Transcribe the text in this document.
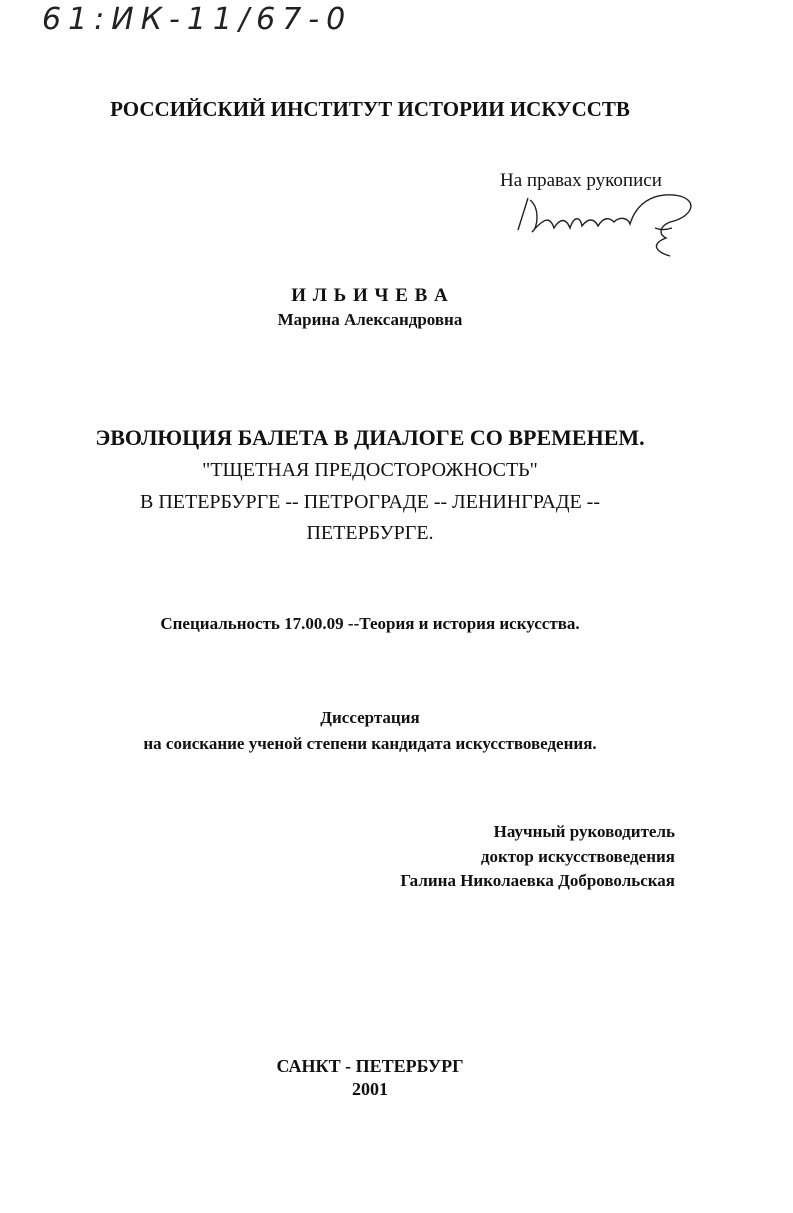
61:ИК-11/67-0
РОССИЙСКИЙ ИНСТИТУТ ИСТОРИИ ИСКУССТВ
На правах рукописи
И Л Ь И Ч Е В А
Марина Александровна
ЭВОЛЮЦИЯ БАЛЕТА В ДИАЛОГЕ СО ВРЕМЕНЕМ.
"ТЩЕТНАЯ ПРЕДОСТОРОЖНОСТЬ"
В ПЕТЕРБУРГЕ -- ПЕТРОГРАДЕ -- ЛЕНИНГРАДЕ --
ПЕТЕРБУРГЕ.
Специальность 17.00.09 --Теория и история искусства.
Диссертация
на соискание ученой степени кандидата искусствоведения.
Научный руководитель
доктор искусствоведения
Галина Николаевка Добровольская
САНКТ - ПЕТЕРБУРГ
2001
